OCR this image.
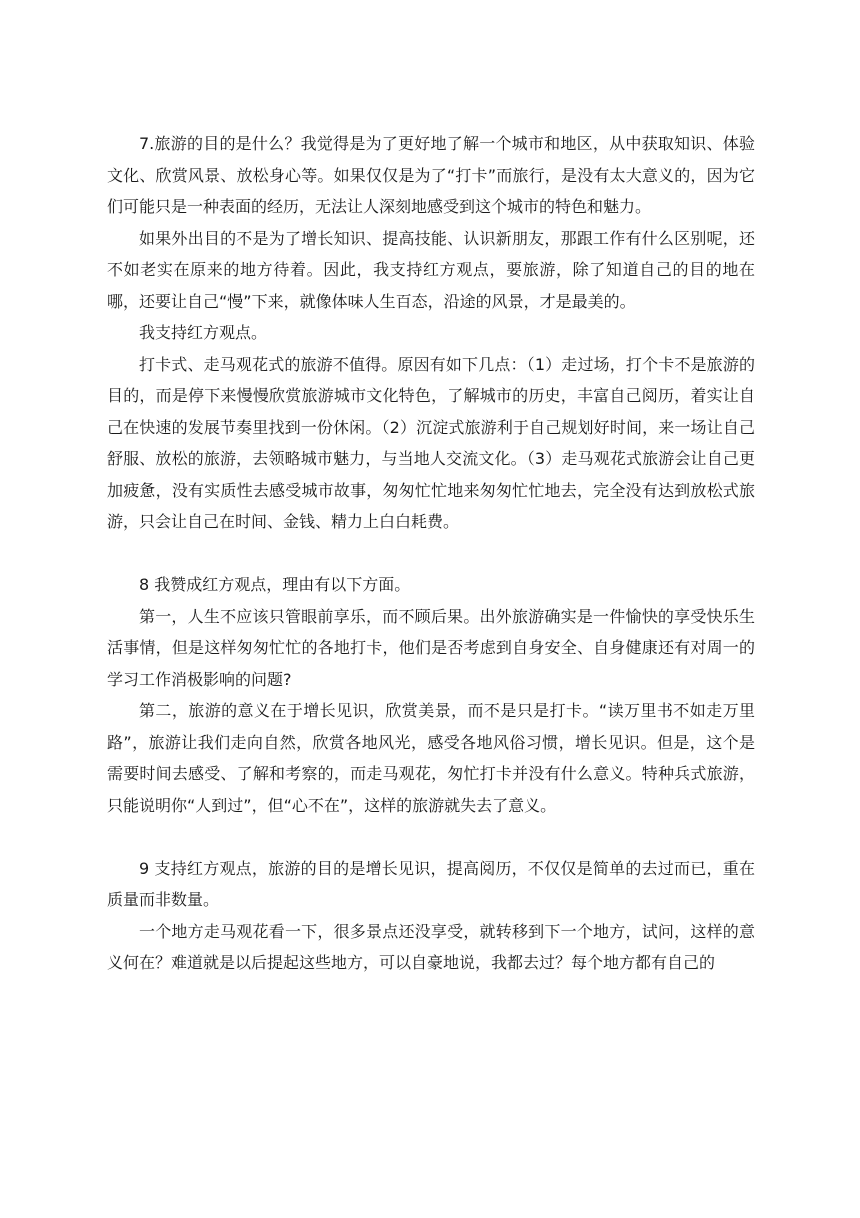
7.旅游的目的是什么？我觉得是为了更好地了解一个城市和地区，从中获取知识、体验文化、欣赏风景、放松身心等。如果仅仅是为了“打卡”而旅行，是没有太大意义的，因为它们可能只是一种表面的经历，无法让人深刻地感受到这个城市的特色和魅力。

如果外出目的不是为了增长知识、提高技能、认识新朋友，那跟工作有什么区别呢，还不如老实在原来的地方待着。因此，我支持红方观点，要旅游，除了知道自己的目的地在哪，还要让自己“慢”下来，就像体味人生百态，沿途的风景，才是最美的。

我支持红方观点。

打卡式、走马观花式的旅游不值得。原因有如下几点：（1）走过场，打个卡不是旅游的目的，而是停下来慢慢欣赏旅游城市文化特色，了解城市的历史，丰富自己阅历，着实让自己在快速的发展节奏里找到一份休闲。（2）沉淀式旅游利于自己规划好时间，来一场让自己舒服、放松的旅游，去领略城市魅力，与当地人交流文化。（3）走马观花式旅游会让自己更加疲惫，没有实质性去感受城市故事，匆匆忙忙地来匆匆忙忙地去，完全没有达到放松式旅游，只会让自己在时间、金钱、精力上白白耗费。

8 我赞成红方观点，理由有以下方面。

第一，人生不应该只管眼前享乐，而不顾后果。出外旅游确实是一件愉快的享受快乐生活事情，但是这样匆匆忙忙的各地打卡，他们是否考虑到自身安全、自身健康还有对周一的学习工作消极影响的问题?

第二，旅游的意义在于增长见识，欣赏美景，而不是只是打卡。“读万里书不如走万里路”，旅游让我们走向自然，欣赏各地风光，感受各地风俗习惯，增长见识。但是，这个是需要时间去感受、了解和考察的，而走马观花，匆忙打卡并没有什么意义。特种兵式旅游，只能说明你“人到过”，但“心不在”，这样的旅游就失去了意义。

9 支持红方观点，旅游的目的是增长见识，提高阅历，不仅仅是简单的去过而已，重在质量而非数量。

一个地方走马观花看一下，很多景点还没享受，就转移到下一个地方，试问，这样的意义何在？难道就是以后提起这些地方，可以自豪地说，我都去过？每个地方都有自己的
